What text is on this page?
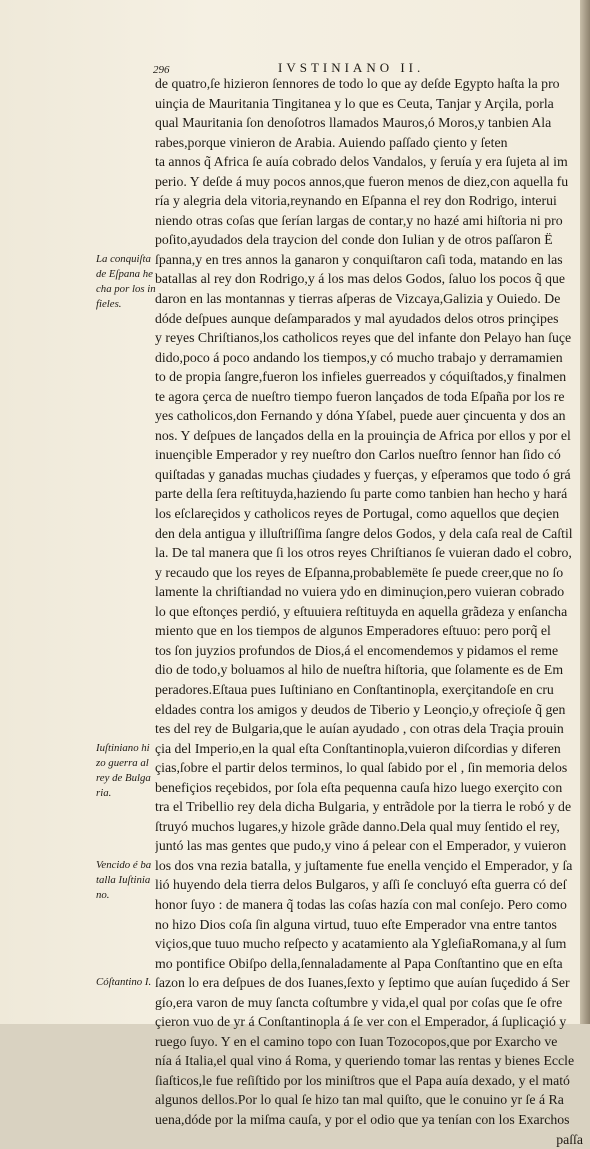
296	IVSTINIANO II.
de quatro,ſe hizieron ſennores de todo lo que ay deſde Egypto haſta la pro
uinçia de Mauritania Tingitanea y lo que es Ceuta, Tanjar y Arçila, porla
qual Mauritania ſon denoſotros llamados Mauros,ó Moros,y tanbien Ala
rabes,porque vinieron de Arabia. Auiendo paſſado çiento y ſeten
ta annos q̃ Africa ſe auía cobrado delos Vandalos, y ſeruía y era ſujeta al im
perio. Y deſde á muy pocos annos,que fueron menos de diez,con aquella fu
ría y alegria dela vitoria,reynando en Eſpanna el rey don Rodrigo, interui
niendo otras coſas que ſerían largas de contar,y no hazé ami hiſtoria ni pro
poſito,ayudados dela traycion del conde don Iulian y de otros paſſaron Ë
ſpanna,y en tres annos la ganaron y conquiſtaron caſi toda, matando en las
batallas al rey don Rodrigo,y á los mas delos Godos, ſaluo los pocos q̃ que
daron en las montannas y tierras aſperas de Vizcaya,Galizia y Ouiedo. De
dóde deſpues aunque deſamparados y mal ayudados delos otros prinçipes
y reyes Chriſtianos,los catholicos reyes que del infante don Pelayo han ſuçe
dido,poco á poco andando los tiempos,y có mucho trabajo y derramamien
to de propia ſangre,fueron los infieles guerreados y cóquiſtados,y finalmen
te agora çerca de nueſtro tiempo fueron lançados de toda Eſpaña por los re
yes catholicos,don Fernando y dóna Yſabel, puede auer çincuenta y dos an
nos. Y deſpues de lançados della en la prouinçia de Africa por ellos y por el
inuençible Emperador y rey nueſtro don Carlos nueſtro ſennor han ſido có
quiſtadas y ganadas muchas çiudades y fuerças, y eſperamos que todo ó grá
parte della ſera reſtituyda,haziendo ſu parte como tanbien han hecho y hará
los eſclareçidos y catholicos reyes de Portugal, como aquellos que deçien
den dela antigua y illuſtriſſima ſangre delos Godos, y dela caſa real de Caſtil
la. De tal manera que ſi los otros reyes Chriſtianos ſe vuieran dado el cobro,
y recaudo que los reyes de Eſpanna,probablemëte ſe puede creer,que no ſo
lamente la chriſtiandad no vuiera ydo en diminuçion,pero vuieran cobrado
lo que eſtonçes perdió, y eſtuuiera reſtituyda en aquella grãdeza y enſancha
miento que en los tiempos de algunos Emperadores eſtuuo: pero porq̃ el
tos ſon juyzios profundos de Dios,á el encomendemos y pidamos el reme
dio de todo,y boluamos al hilo de nueſtra hiſtoria, que ſolamente es de Em
peradores.Eſtaua pues Iuſtiniano en Conſtantinopla, exerçitandoſe en cru
eldades contra los amigos y deudos de Tiberio y Leonçio,y ofreçioſe q̃ gen
tes del rey de Bulgaria,que le auían ayudado , con otras dela Traçia prouin
çia del Imperio,en la qual eſta Conſtantinopla,vuieron diſcordias y diferen
çias,ſobre el partir delos terminos, lo qual ſabido por el , ſin memoria delos
benefiçios reçebidos, por ſola eſta pequenna cauſa hizo luego exerçito con
tra el Tribellio rey dela dicha Bulgaria, y entrãdole por la tierra le robó y de
ſtruyó muchos lugares,y hizole grãde danno.Dela qual muy ſentido el rey,
juntó las mas gentes que pudo,y vino á pelear con el Emperador, y vuieron
los dos vna rezia batalla, y juſtamente fue enella vençido el Emperador, y ſa
lió huyendo dela tierra delos Bulgaros, y aſſi ſe concluyó eſta guerra có deſ
honor ſuyo : de manera q̃ todas las coſas hazía con mal conſejo. Pero como
no hizo Dios coſa ſin alguna virtud, tuuo eſte Emperador vna entre tantos
viçios,que tuuo mucho reſpecto y acatamiento ala YgleſiaRomana,y al ſum
mo pontifice Obiſpo della,ſennaladamente al Papa Conſtantino que en eſta
ſazon lo era deſpues de dos Iuanes,ſexto y ſeptimo que auían ſuçedido á Ser
gío,era varon de muy ſancta coſtumbre y vida,el qual por coſas que ſe ofre
çieron vuo de yr á Conſtantinopla á ſe ver con el Emperador, á ſuplicaçió y
ruego ſuyo. Y en el camino topo con Iuan Tozocopos,que por Exarcho ve
nía á Italia,el qual vino á Roma, y queriendo tomar las rentas y bienes Eccle
ſiaſticos,le fue reſiſtido por los miniſtros que el Papa auía dexado, y el mató
algunos dellos.Por lo qual ſe hizo tan mal quiſto, que le conuino yr ſe á Ra
uena,dóde por la miſma cauſa, y por el odio que ya tenían con los Exarchos
paſſa
La conquiſta
de Eſpana he
cha por los in
fieles.
Iuſtiniano hi
zo guerra al
rey de Bulga
ria.
Vencido é ba
talla Iuſtinia
no.
Cóſtantino I.
